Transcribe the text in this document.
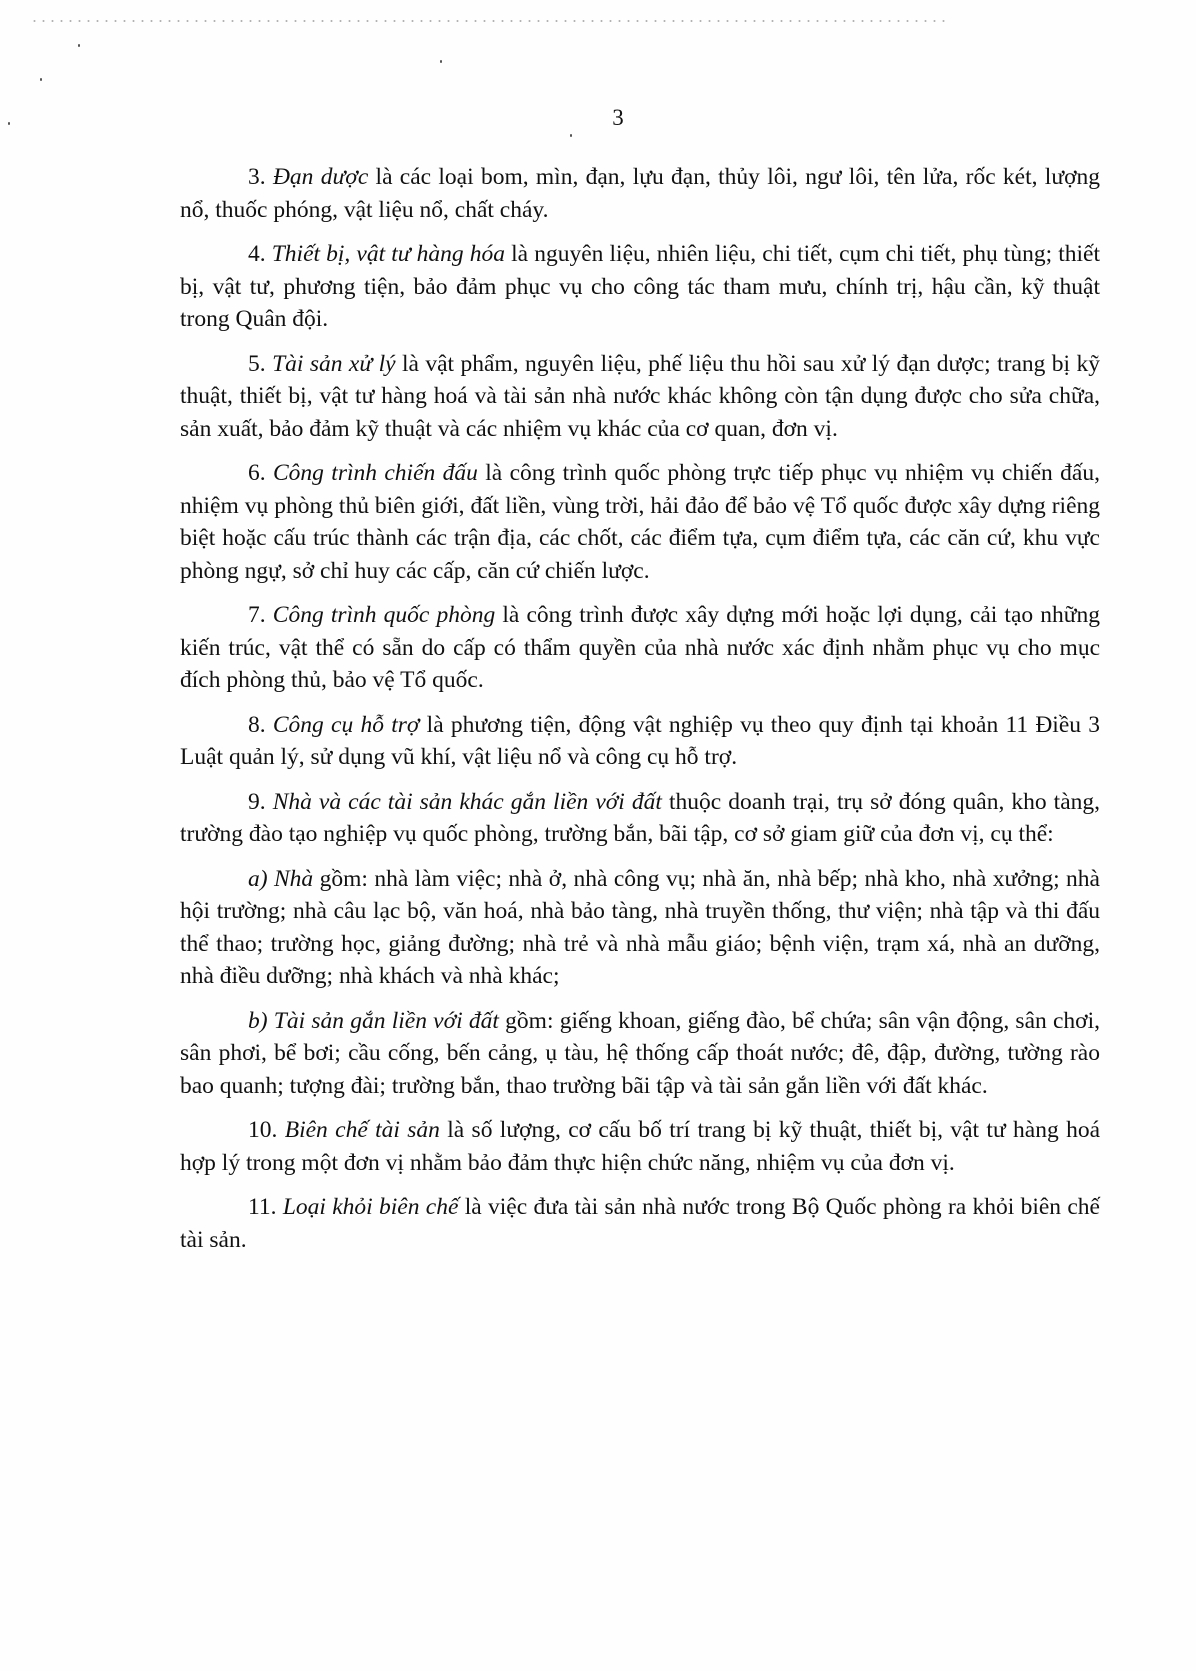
3

3. Đạn dược là các loại bom, mìn, đạn, lựu đạn, thủy lôi, ngư lôi, tên lửa, rốc két, lượng nổ, thuốc phóng, vật liệu nổ, chất cháy.

4. Thiết bị, vật tư hàng hóa là nguyên liệu, nhiên liệu, chi tiết, cụm chi tiết, phụ tùng; thiết bị, vật tư, phương tiện, bảo đảm phục vụ cho công tác tham mưu, chính trị, hậu cần, kỹ thuật trong Quân đội.

5. Tài sản xử lý là vật phẩm, nguyên liệu, phế liệu thu hồi sau xử lý đạn dược; trang bị kỹ thuật, thiết bị, vật tư hàng hoá và tài sản nhà nước khác không còn tận dụng được cho sửa chữa, sản xuất, bảo đảm kỹ thuật và các nhiệm vụ khác của cơ quan, đơn vị.

6. Công trình chiến đấu là công trình quốc phòng trực tiếp phục vụ nhiệm vụ chiến đấu, nhiệm vụ phòng thủ biên giới, đất liền, vùng trời, hải đảo để bảo vệ Tổ quốc được xây dựng riêng biệt hoặc cấu trúc thành các trận địa, các chốt, các điểm tựa, cụm điểm tựa, các căn cứ, khu vực phòng ngự, sở chỉ huy các cấp, căn cứ chiến lược.

7. Công trình quốc phòng là công trình được xây dựng mới hoặc lợi dụng, cải tạo những kiến trúc, vật thể có sẵn do cấp có thẩm quyền của nhà nước xác định nhằm phục vụ cho mục đích phòng thủ, bảo vệ Tổ quốc.

8. Công cụ hỗ trợ là phương tiện, động vật nghiệp vụ theo quy định tại khoản 11 Điều 3 Luật quản lý, sử dụng vũ khí, vật liệu nổ và công cụ hỗ trợ.

9. Nhà và các tài sản khác gắn liền với đất thuộc doanh trại, trụ sở đóng quân, kho tàng, trường đào tạo nghiệp vụ quốc phòng, trường bắn, bãi tập, cơ sở giam giữ của đơn vị, cụ thể:

a) Nhà gồm: nhà làm việc; nhà ở, nhà công vụ; nhà ăn, nhà bếp; nhà kho, nhà xưởng; nhà hội trường; nhà câu lạc bộ, văn hoá, nhà bảo tàng, nhà truyền thống, thư viện; nhà tập và thi đấu thể thao; trường học, giảng đường; nhà trẻ và nhà mẫu giáo; bệnh viện, trạm xá, nhà an dưỡng, nhà điều dưỡng; nhà khách và nhà khác;

b) Tài sản gắn liền với đất gồm: giếng khoan, giếng đào, bể chứa; sân vận động, sân chơi, sân phơi, bể bơi; cầu cống, bến cảng, ụ tàu, hệ thống cấp thoát nước; đê, đập, đường, tường rào bao quanh; tượng đài; trường bắn, thao trường bãi tập và tài sản gắn liền với đất khác.

10. Biên chế tài sản là số lượng, cơ cấu bố trí trang bị kỹ thuật, thiết bị, vật tư hàng hoá hợp lý trong một đơn vị nhằm bảo đảm thực hiện chức năng, nhiệm vụ của đơn vị.

11. Loại khỏi biên chế là việc đưa tài sản nhà nước trong Bộ Quốc phòng ra khỏi biên chế tài sản.
